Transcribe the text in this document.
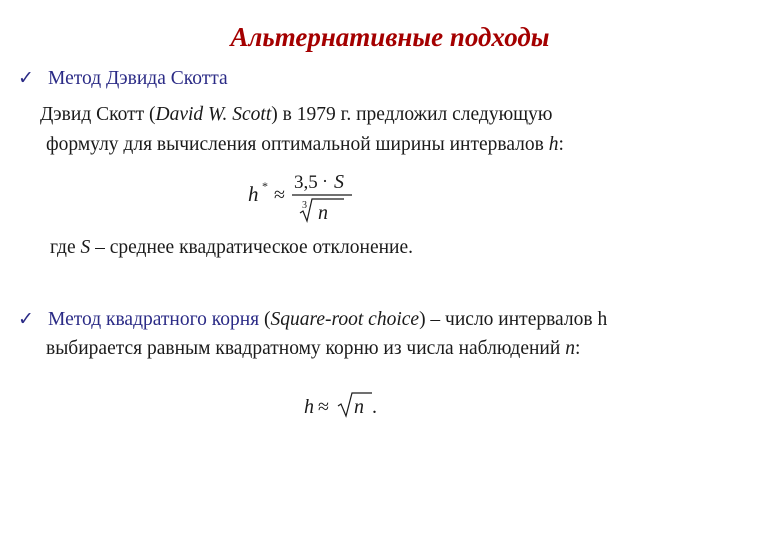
Альтернативные подходы
✓ Метод Дэвида Скотта
Дэвид Скотт (David W. Scott) в 1979 г. предложил следующую
формулу для вычисления оптимальной ширины интервалов h:
h * ≈
3,5 · S
3 n
где S – среднее квадратическое отклонение.
✓ Метод квадратного корня (Square-root choice) – число интервалов h
выбирается равным квадратному корню из числа наблюдений n:
h ≈ n .
